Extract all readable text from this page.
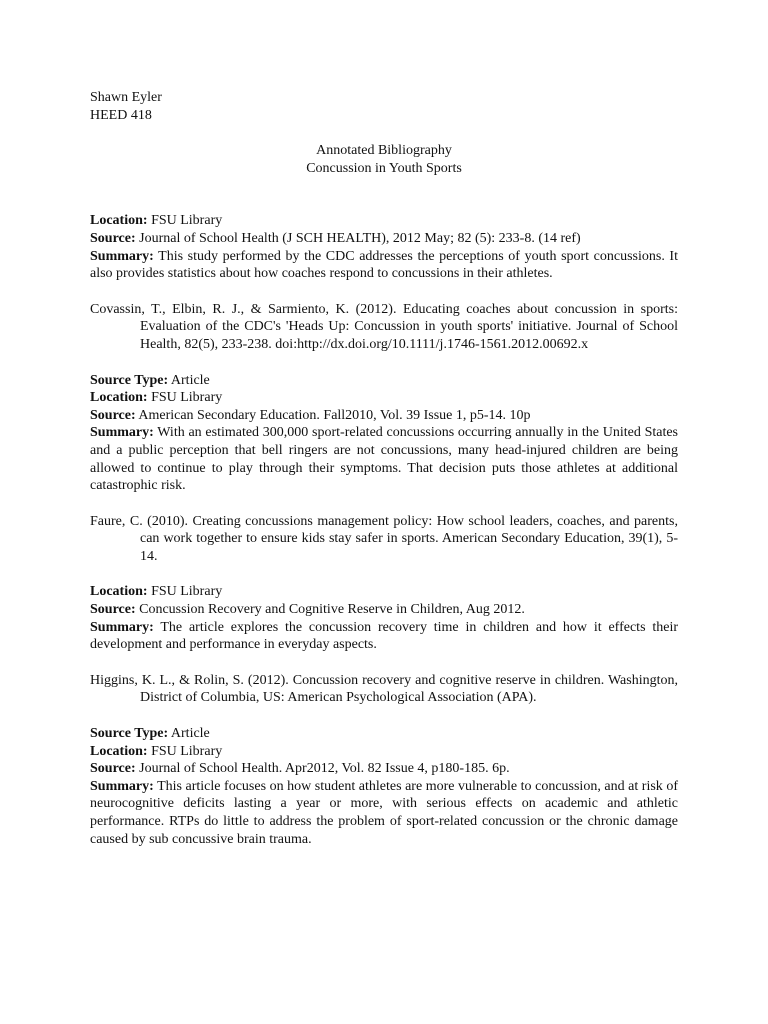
Shawn Eyler
HEED 418
Annotated Bibliography
Concussion in Youth Sports
Location: FSU Library
Source: Journal of School Health (J SCH HEALTH), 2012 May; 82 (5): 233-8. (14 ref)
Summary: This study performed by the CDC addresses the perceptions of youth sport concussions. It also provides statistics about how coaches respond to concussions in their athletes.
Covassin, T., Elbin, R. J., & Sarmiento, K. (2012). Educating coaches about concussion in sports: Evaluation of the CDC's 'Heads Up: Concussion in youth sports' initiative. Journal of School Health, 82(5), 233-238. doi:http://dx.doi.org/10.1111/j.1746-1561.2012.00692.x
Source Type: Article
Location: FSU Library
Source: American Secondary Education. Fall2010, Vol. 39 Issue 1, p5-14. 10p
Summary: With an estimated 300,000 sport-related concussions occurring annually in the United States and a public perception that bell ringers are not concussions, many head-injured children are being allowed to continue to play through their symptoms. That decision puts those athletes at additional catastrophic risk.
Faure, C. (2010). Creating concussions management policy: How school leaders, coaches, and parents, can work together to ensure kids stay safer in sports. American Secondary Education, 39(1), 5-14.
Location: FSU Library
Source: Concussion Recovery and Cognitive Reserve in Children, Aug 2012.
Summary: The article explores the concussion recovery time in children and how it effects their development and performance in everyday aspects.
Higgins, K. L., & Rolin, S. (2012). Concussion recovery and cognitive reserve in children. Washington, District of Columbia, US: American Psychological Association (APA).
Source Type: Article
Location: FSU Library
Source: Journal of School Health. Apr2012, Vol. 82 Issue 4, p180-185. 6p.
Summary: This article focuses on how student athletes are more vulnerable to concussion, and at risk of neurocognitive deficits lasting a year or more, with serious effects on academic and athletic performance. RTPs do little to address the problem of sport-related concussion or the chronic damage caused by sub concussive brain trauma.
